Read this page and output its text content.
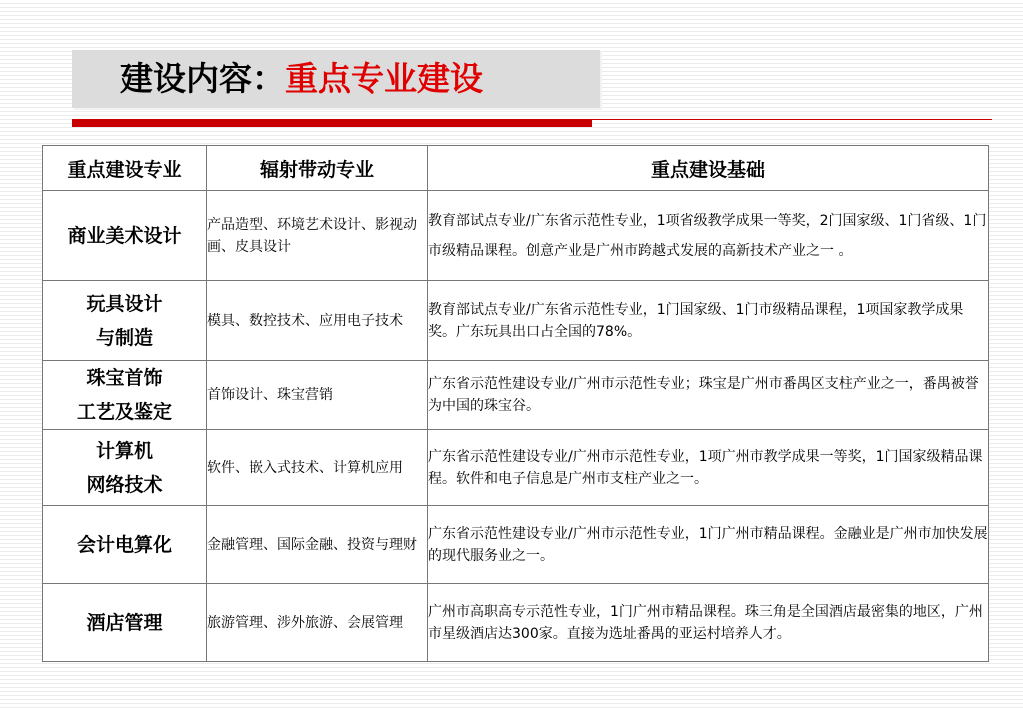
建设内容：重点专业建设
重点建设专业	辐射带动专业	重点建设基础

商业美术设计	产品造型、环境艺术设计、影视动画、皮具设计	教育部试点专业/广东省示范性专业，1项省级教学成果一等奖，2门国家级、1门省级、1门市级精品课程。创意产业是广州市跨越式发展的高新技术产业之一 。

玩具设计
与制造	模具、数控技术、应用电子技术	教育部试点专业/广东省示范性专业，1门国家级、1门市级精品课程，1项国家教学成果奖。广东玩具出口占全国的78%。

珠宝首饰
工艺及鉴定	首饰设计、珠宝营销	广东省示范性建设专业/广州市示范性专业；珠宝是广州市番禺区支柱产业之一，番禺被誉为中国的珠宝谷。

计算机
网络技术	软件、嵌入式技术、计算机应用	广东省示范性建设专业/广州市示范性专业，1项广州市教学成果一等奖，1门国家级精品课程。软件和电子信息是广州市支柱产业之一。

会计电算化	金融管理、国际金融、投资与理财	广东省示范性建设专业/广州市示范性专业，1门广州市精品课程。金融业是广州市加快发展的现代服务业之一。

酒店管理	旅游管理、涉外旅游、会展管理	广州市高职高专示范性专业，1门广州市精品课程。珠三角是全国酒店最密集的地区，广州市星级酒店达300家。直接为选址番禺的亚运村培养人才。
